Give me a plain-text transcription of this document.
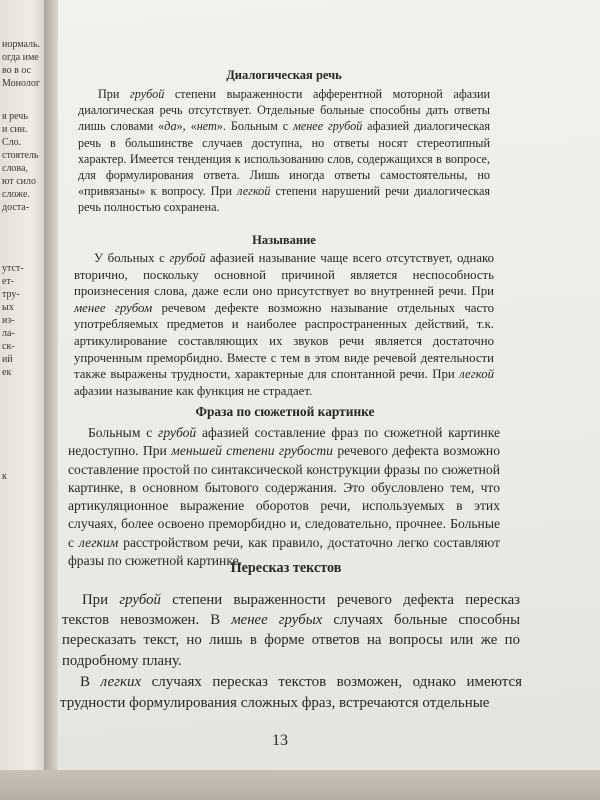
нормаль.
огда име
во в ос
Монолог
я речь
и син.
Сло.
стоятель
слова,
ют сило
сложе.
доста-
утст-
ет-
тру-
ых
из-
ла-
ск-
ий
ек
к
Диалогическая речь

При грубой степени выраженности афферентной моторной афазии диалогическая речь отсутствует. Отдельные больные способны дать ответы лишь словами «да», «нет». Больным с менее грубой афазией диалогическая речь в большинстве случаев доступна, но ответы носят стереотипный характер. Имеется тенденция к использованию слов, содержащихся в вопросе, для формулирования ответа. Лишь иногда ответы самостоятельны, но «привязаны» к вопросу. При легкой степени нарушений речи диалогическая речь полностью сохранена.

Называние

У больных с грубой афазией называние чаще всего отсутствует, однако вторично, поскольку основной причиной является неспособность произнесения слова, даже если оно присутствует во внутренней речи. При менее грубом речевом дефекте возможно называние отдельных часто употребляемых предметов и наиболее распространенных действий, т.к. артикулирование составляющих их звуков речи является достаточно упроченным преморбидно. Вместе с тем в этом виде речевой деятельности также выражены трудности, характерные для спонтанной речи. При легкой афазии называние как функция не страдает.

Фраза по сюжетной картинке

Больным с грубой афазией составление фраз по сюжетной картинке недоступно. При меньшей степени грубости речевого дефекта возможно составление простой по синтаксической конструкции фразы по сюжетной картинке, в основном бытового содержания. Это обусловлено тем, что артикуляционное выражение оборотов речи, используемых в этих случаях, более освоено преморбидно и, следовательно, прочнее. Больные с легким расстройством речи, как правило, достаточно легко составляют фразы по сюжетной картинке.

Пересказ текстов

При грубой степени выраженности речевого дефекта пересказ текстов невозможен. В менее грубых случаях больные способны пересказать текст, но лишь в форме ответов на вопросы или же по подробному плану.

В легких случаях пересказ текстов возможен, однако имеются трудности формулирования сложных фраз, встречаются отдельные

13
